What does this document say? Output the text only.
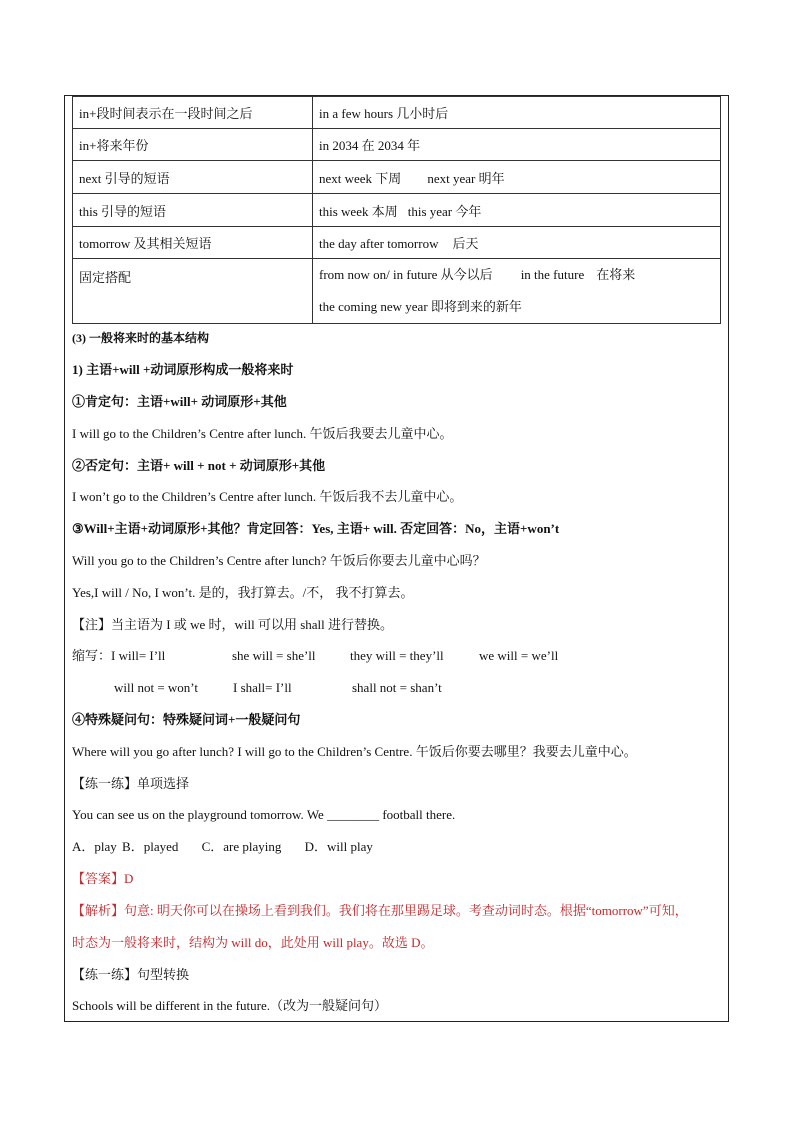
in+段时间表示在一段时间之后	in a few hours 几小时后
in+将来年份	in 2034 在 2034 年
next 引导的短语	next week 下周 next year 明年
this 引导的短语	this week 本周 this year 今年
tomorrow 及其相关短语	the day after tomorrow 后天
固定搭配	from now on/ in future 从今以后 in the future 在将来
the coming new year 即将到来的新年
(3) 一般将来时的基本结构
1) 主语+will +动词原形构成一般将来时
①肯定句：主语+will+ 动词原形+其他
I will go to the Children’s Centre after lunch. 午饭后我要去儿童中心。
②否定句：主语+ will + not + 动词原形+其他
I won’t go to the Children’s Centre after lunch. 午饭后我不去儿童中心。
③Will+主语+动词原形+其他？肯定回答：Yes, 主语+ will. 否定回答：No，主语+won’t
Will you go to the Children’s Centre after lunch? 午饭后你要去儿童中心吗？
Yes,I will / No, I won’t. 是的，我打算去。/不， 我不打算去。
【注】当主语为 I 或 we 时，will 可以用 shall 进行替换。
缩写：I will= I’ll	she will = she’ll	they will = they’ll	we will = we’ll
will not = won’t	I shall= I’ll	shall not = shan’t
④特殊疑问句：特殊疑问词+一般疑问句
Where will you go after lunch? I will go to the Children’s Centre. 午饭后你要去哪里？我要去儿童中心。
【练一练】单项选择
You can see us on the playground tomorrow. We ________ football there.
A．play B．played C．are playing D．will play
【答案】D
【解析】句意: 明天你可以在操场上看到我们。我们将在那里踢足球。考查动词时态。根据“tomorrow”可知，
时态为一般将来时，结构为 will do，此处用 will play。故选 D。
【练一练】句型转换
Schools will be different in the future.（改为一般疑问句）
